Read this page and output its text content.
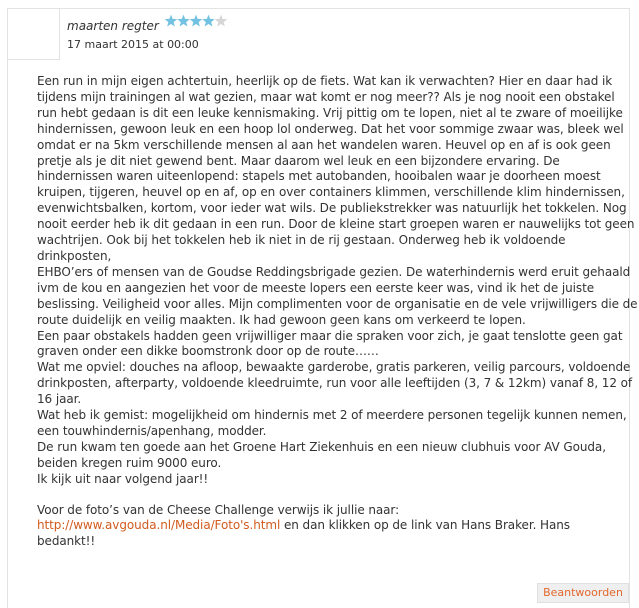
maarten regter
17 maart 2015 at 00:00

Een run in mijn eigen achtertuin, heerlijk op de fiets. Wat kan ik verwachten? Hier en daar had ik

tijdens mijn trainingen al wat gezien, maar wat komt er nog meer?? Als je nog nooit een obstakel

run hebt gedaan is dit een leuke kennismaking. Vrij pittig om te lopen, niet al te zware of moeilijke

hindernissen, gewoon leuk en een hoop lol onderweg. Dat het voor sommige zwaar was, bleek wel

omdat er na 5km verschillende mensen al aan het wandelen waren. Heuvel op en af is ook geen

pretje als je dit niet gewend bent. Maar daarom wel leuk en een bijzondere ervaring. De

hindernissen waren uiteenlopend: stapels met autobanden, hooibalen waar je doorheen moest

kruipen, tijgeren, heuvel op en af, op en over containers klimmen, verschillende klim hindernissen,

evenwichtsbalken, kortom, voor ieder wat wils. De publiekstrekker was natuurlijk het tokkelen. Nog

nooit eerder heb ik dit gedaan in een run. Door de kleine start groepen waren er nauwelijks tot geen

wachtrijen. Ook bij het tokkelen heb ik niet in de rij gestaan. Onderweg heb ik voldoende

drinkposten,

EHBO’ers of mensen van de Goudse Reddingsbrigade gezien. De waterhindernis werd eruit gehaald

ivm de kou en aangezien het voor de meeste lopers een eerste keer was, vind ik het de juiste

beslissing. Veiligheid voor alles. Mijn complimenten voor de organisatie en de vele vrijwilligers die de

route duidelijk en veilig maakten. Ik had gewoon geen kans om verkeerd te lopen.

Een paar obstakels hadden geen vrijwilliger maar die spraken voor zich, je gaat tenslotte geen gat

graven onder een dikke boomstronk door op de route……

Wat me opviel: douches na afloop, bewaakte garderobe, gratis parkeren, veilig parcours, voldoende

drinkposten, afterparty, voldoende kleedruimte, run voor alle leeftijden (3, 7 & 12km) vanaf 8, 12 of

16 jaar.

Wat heb ik gemist: mogelijkheid om hindernis met 2 of meerdere personen tegelijk kunnen nemen,

een touwhindernis/apenhang, modder.

De run kwam ten goede aan het Groene Hart Ziekenhuis en een nieuw clubhuis voor AV Gouda,

beiden kregen ruim 9000 euro.

Ik kijk uit naar volgend jaar!!

Voor de foto’s van de Cheese Challenge verwijs ik jullie naar:

http://www.avgouda.nl/Media/Foto's.html en dan klikken op de link van Hans Braker. Hans

bedankt!!

Beantwoorden
